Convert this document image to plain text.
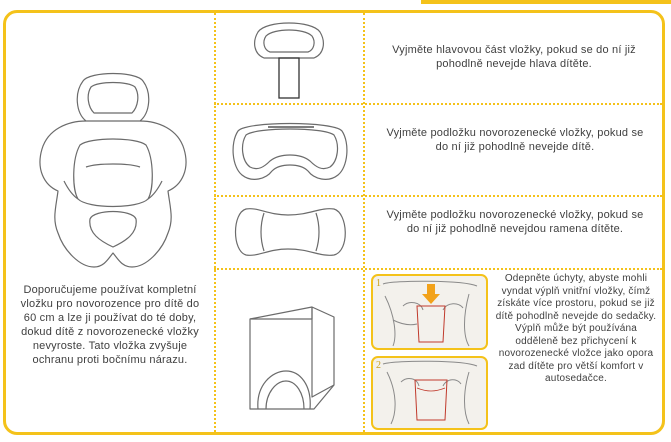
Doporučujeme používat kompletní vložku pro novorozence pro dítě do 60 cm a lze ji používat do té doby, dokud dítě z novorozenecké vložky nevyroste. Tato vložka zvyšuje ochranu proti bočnímu nárazu.
Vyjměte hlavovou část vložky, pokud se do ní již pohodlně nevejde hlava dítěte.
Vyjměte podložku novorozenecké vložky, pokud se do ní již pohodlně nevejde dítě.
Vyjměte podložku novorozenecké vložky, pokud se do ní již pohodlně nevejdou ramena dítěte.
1
2
Odepněte úchyty, abyste mohli vyndat výplň vnitřní vložky, čímž získáte více prostoru, pokud se již dítě pohodlně nevejde do sedačky. Výplň může být používána odděleně bez přichycení k novorozenecké vložce jako opora zad dítěte pro větší komfort v autosedačce.
